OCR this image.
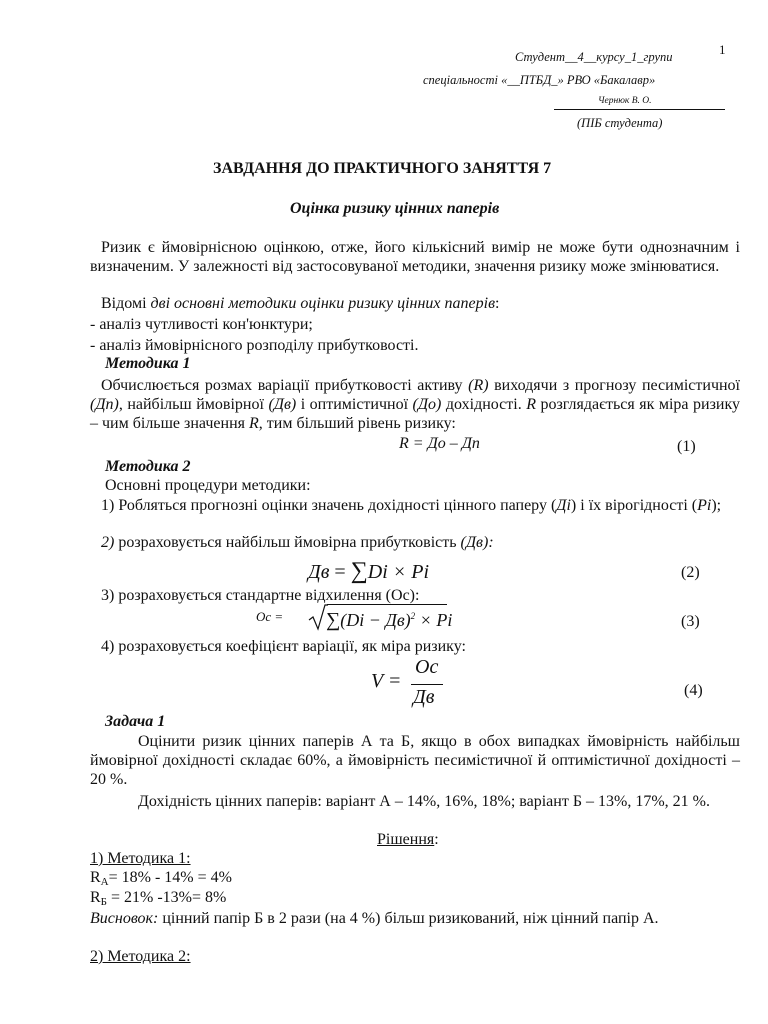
1
Студент__4__курсу_1_групи
спеціальності «__ПТБД_» РВО «Бакалавр»
Чернюк В. О.
(ПІБ студента)
ЗАВДАННЯ ДО ПРАКТИЧНОГО ЗАНЯТТЯ 7
Оцінка ризику цінних паперів
Ризик є ймовірнісною оцінкою, отже, його кількісний вимір не може бути однозначним і визначеним. У залежності від застосовуваної методики, значення ризику може змінюватися.
Відомі дві основні методики оцінки ризику цінних паперів:
- аналіз чутливості кон'юнктури;
- аналіз ймовірнісного розподілу прибутковості.
Методика 1
Обчислюється розмах варіації прибутковості активу (R) виходячи з прогнозу песимістичної (Дп), найбільш ймовірної (Дв) і оптимістичної (До) дохідності. R розглядається як міра ризику – чим більше значення R, тим більший рівень ризику:
R = До – Дп	(1)
Методика 2
Основні процедури методики:
1) Робляться прогнозні оцінки значень дохідності цінного паперу (Ді) і їх вірогідності (Pi);
2) розраховується найбільш ймовірна прибутковість (Дв):
Дв = ∑Di × Pi	(2)
3) розраховується стандартне відхилення (Ос):
Ос = ∑(Di − Дв)$^2$ × Pi	(3)
4) розраховується коефіцієнт варіації, як міра ризику:
V =
Oc
Дв	(4)
Задача 1
Оцінити ризик цінних паперів А та Б, якщо в обох випадках ймовірність найбільш ймовірної дохідності складає 60%, а ймовірність песимістичної й оптимістичної дохідності – 20 %.
Дохідність цінних паперів: варіант А – 14%, 16%, 18%; варіант Б – 13%, 17%, 21 %.
Рішення:
1) Методика 1:
$R_А= 18\% - 14\% = 4\%$
$R_Б = 21\%$ -13%= 8%
Висновок: цінний папір Б в 2 рази (на 4 %) більш ризикований, ніж цінний папір А.
2) Методика 2:
